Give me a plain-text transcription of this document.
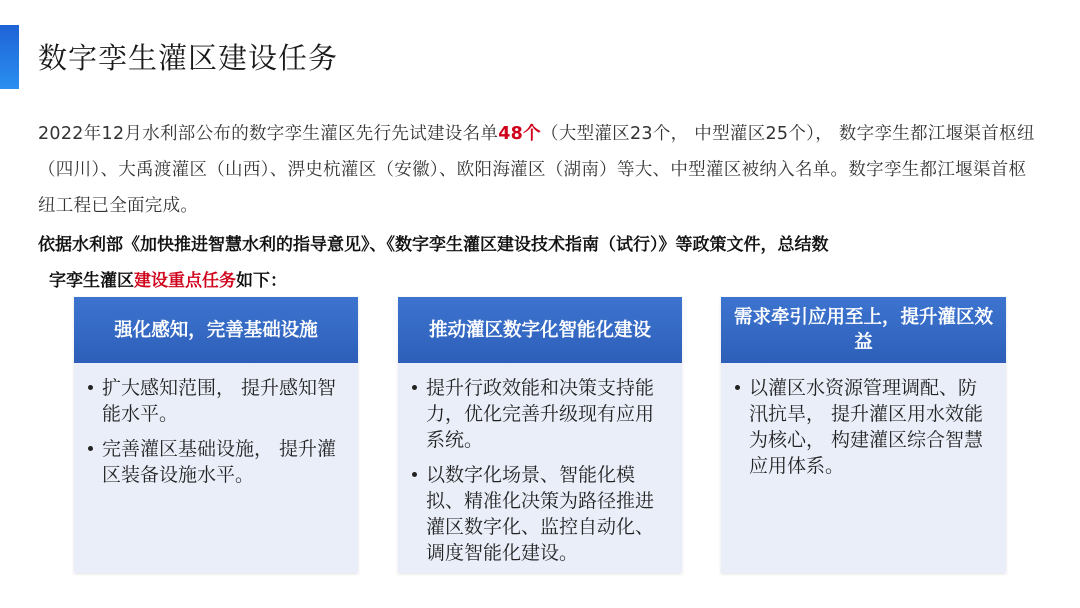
数字孪生灌区建设任务
2022年12月水利部公布的数字孪生灌区先行先试建设名单48个（大型灌区23个， 中型灌区25个）， 数字孪生都江堰渠首枢纽（四川）、大禹渡灌区（山西）、淠史杭灌区（安徽）、欧阳海灌区（湖南）等大、中型灌区被纳入名单。数字孪生都江堰渠首枢纽工程已全面完成。
依据水利部《加快推进智慧水利的指导意见》、《数字孪生灌区建设技术指南（试行）》等政策文件，总结数
字孪生灌区建设重点任务如下：
强化感知，完善基础设施
扩大感知范围， 提升感知智能水平。
完善灌区基础设施， 提升灌区装备设施水平。
推动灌区数字化智能化建设
提升行政效能和决策支持能力，优化完善升级现有应用系统。
以数字化场景、智能化模拟、精准化决策为路径推进灌区数字化、监控自动化、调度智能化建设。
需求牵引应用至上，提升灌区效益
以灌区水资源管理调配、防汛抗旱， 提升灌区用水效能为核心， 构建灌区综合智慧应用体系。
